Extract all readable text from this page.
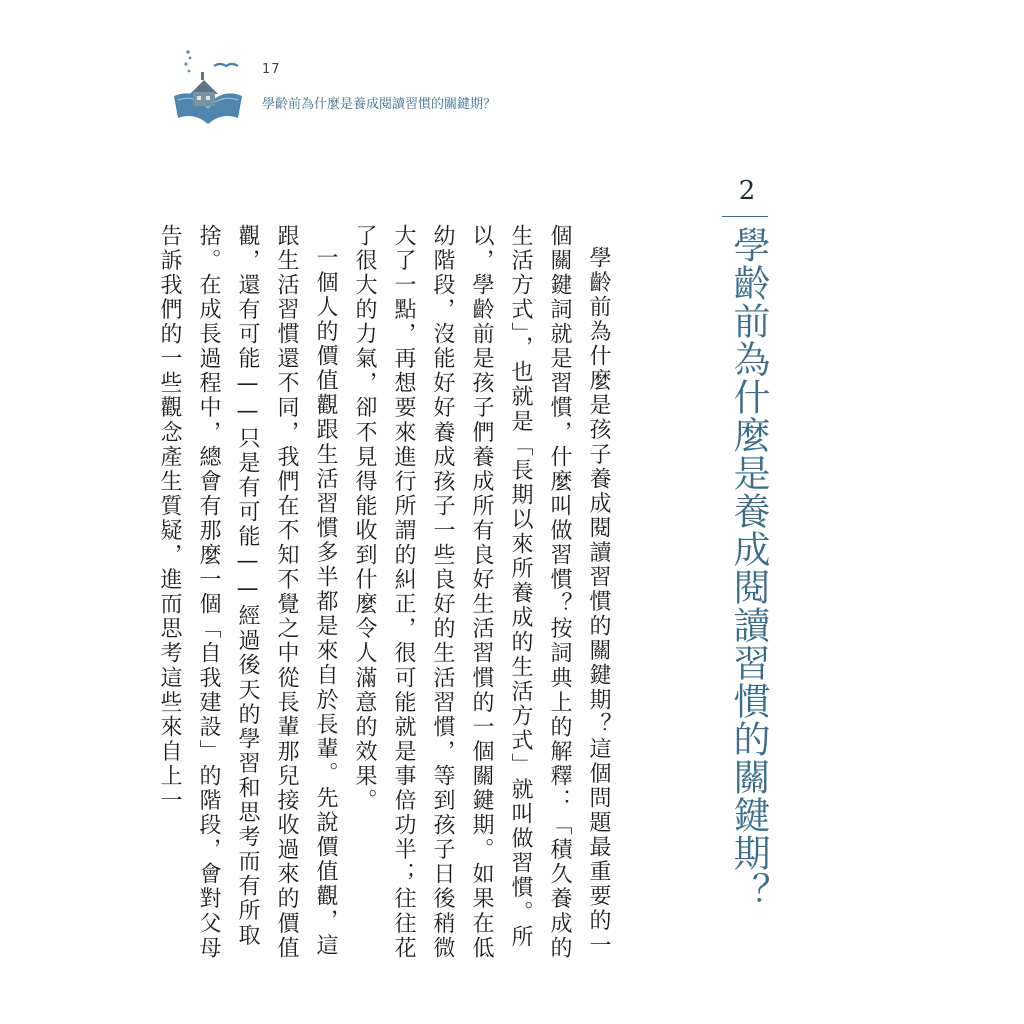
17
學齡前為什麼是養成閱讀習慣的關鍵期？
2
學齡前為什麼是養成閱讀習慣的關鍵期？

學齡前為什麼是孩子養成閱讀習慣的關鍵期？這個問題最重要的一個關鍵詞就是習慣，什麼叫做習慣？按詞典上的解釋：「積久養成的生活方式」，也就是「長期以來所養成的生活方式」就叫做習慣。所以，學齡前是孩子們養成所有良好生活習慣的一個關鍵期。如果在低幼階段，沒能好好養成孩子一些良好的生活習慣，等到孩子日後稍微大了一點，再想要來進行所謂的糾正，很可能就是事倍功半；往往花了很大的力氣，卻不見得能收到什麼令人滿意的效果。

一個人的價值觀跟生活習慣多半都是來自於長輩。先說價值觀，這跟生活習慣還不同，我們在不知不覺之中從長輩那兒接收過來的價值觀，還有可能——只是有可能——經過後天的學習和思考而有所取捨。在成長過程中，總會有那麼一個「自我建設」的階段，會對父母告訴我們的一些觀念產生質疑，進而思考這些來自上一
